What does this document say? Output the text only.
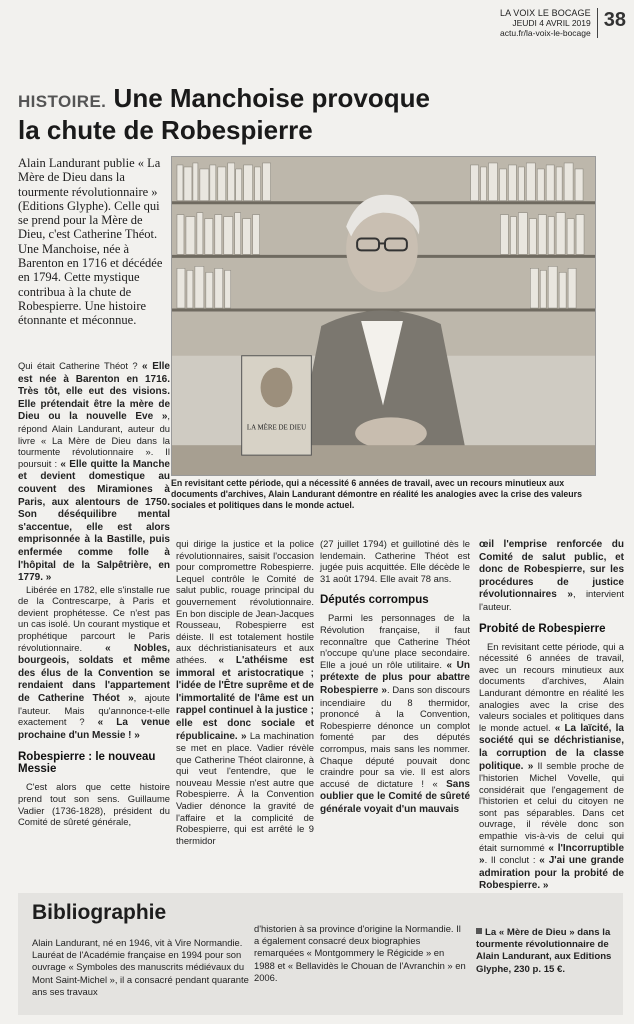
LA VOIX LE BOCAGE
JEUDI 4 AVRIL 2019
actu.fr/la-voix-le-bocage
38
HISTOIRE. Une Manchoise provoque
la chute de Robespierre
Alain Landurant publie « La Mère de Dieu dans la tourmente révolutionnaire » (Editions Glyphe). Celle qui se prend pour la Mère de Dieu, c'est Catherine Théot. Une Manchoise, née à Barenton en 1716 et décédée en 1794. Cette mystique contribua à la chute de Robespierre. Une histoire étonnante et méconnue.
LA MÈRE DE DIEU
En revisitant cette période, qui a nécessité 6 années de travail, avec un recours minutieux aux documents d'archives, Alain Landurant démontre en réalité les analogies avec la crise des valeurs sociales et politiques dans le monde actuel.

Qui était Catherine Théot ? « Elle est née à Barenton en 1716. Très tôt, elle eut des visions. Elle prétendait être la mère de Dieu ou la nouvelle Eve », répond Alain Landurant, auteur du livre « La Mère de Dieu dans la tourmente révolutionnaire ». Il poursuit : « Elle quitte la Manche et devient domestique au couvent des Miramiones à Paris, aux alentours de 1750. Son déséquilibre mental s'accentue, elle est alors emprisonnée à la Bastille, puis enfermée comme folle à l'hôpital de la Salpêtrière, en 1779. »

Libérée en 1782, elle s'installe rue de la Contrescarpe, à Paris et devient prophétesse. Ce n'est pas un cas isolé. Un courant mystique et prophétique parcourt le Paris révolutionnaire. « Nobles, bourgeois, soldats et même des élus de la Convention se rendaient dans l'appartement de Catherine Théot », ajoute l'auteur. Mais qu'annonce-t-elle exactement ? « La venue prochaine d'un Messie ! »

Robespierre : le nouveau Messie

C'est alors que cette histoire prend tout son sens. Guillaume Vadier (1736-1828), président du Comité de sûreté générale,

qui dirige la justice et la police révolutionnaires, saisit l'occasion pour compromettre Robespierre. Lequel contrôle le Comité de salut public, rouage principal du gouvernement révolutionnaire. En bon disciple de Jean-Jacques Rousseau, Robespierre est déiste. Il est totalement hostile aux déchristianisateurs et aux athées. « L'athéisme est immoral et aristocratique ; l'idée de l'Être suprême et de l'immortalité de l'âme est un rappel continuel à la justice ; elle est donc sociale et républicaine. » La machination se met en place. Vadier révèle que Catherine Théot claironne, à qui veut l'entendre, que le nouveau Messie n'est autre que Robespierre. À la Convention Vadier dénonce la gravité de l'affaire et la complicité de Robespierre, qui est arrêté le 9 thermidor

(27 juillet 1794) et guillotiné dès le lendemain. Catherine Théot est jugée puis acquittée. Elle décède le 31 août 1794. Elle avait 78 ans.

Députés corrompus

Parmi les personnages de la Révolution française, il faut reconnaître que Catherine Théot n'occupe qu'une place secondaire. Elle a joué un rôle utilitaire. « Un prétexte de plus pour abattre Robespierre ». Dans son discours incendiaire du 8 thermidor, prononcé à la Convention, Robespierre dénonce un complot fomenté par des députés corrompus, mais sans les nommer. Chaque député pouvait donc craindre pour sa vie. Il est alors accusé de dictature ! « Sans oublier que le Comité de sûreté générale voyait d'un mauvais

œil l'emprise renforcée du Comité de salut public, et donc de Robespierre, sur les procédures de justice révolutionnaires », intervient l'auteur.

Probité de Robespierre

En revisitant cette période, qui a nécessité 6 années de travail, avec un recours minutieux aux documents d'archives, Alain Landurant démontre en réalité les analogies avec la crise des valeurs sociales et politiques dans le monde actuel. « La laïcité, la société qui se déchristianise, la corruption de la classe politique. » Il semble proche de l'historien Michel Vovelle, qui considérait que l'engagement de l'historien et celui du citoyen ne sont pas séparables. Dans cet ouvrage, il révèle donc son empathie vis-à-vis de celui qui était surnommé « l'Incorruptible ». Il conclut : « J'ai une grande admiration pour la probité de Robespierre. »

Bibliographie
Alain Landurant, né en 1946, vit à Vire Normandie. Lauréat de l'Académie française en 1994 pour son ouvrage « Symboles des manuscrits médiévaux du Mont Saint-Michel », il a consacré pendant quarante ans ses travaux
d'historien à sa province d'origine la Normandie. Il a également consacré deux biographies remarquées « Montgommery le Régicide » en 1988 et « Bellavidès le Chouan de l'Avranchin » en 2006.
La « Mère de Dieu » dans la tourmente révolutionnaire de Alain Landurant, aux Editions Glyphe, 230 p. 15 €.
